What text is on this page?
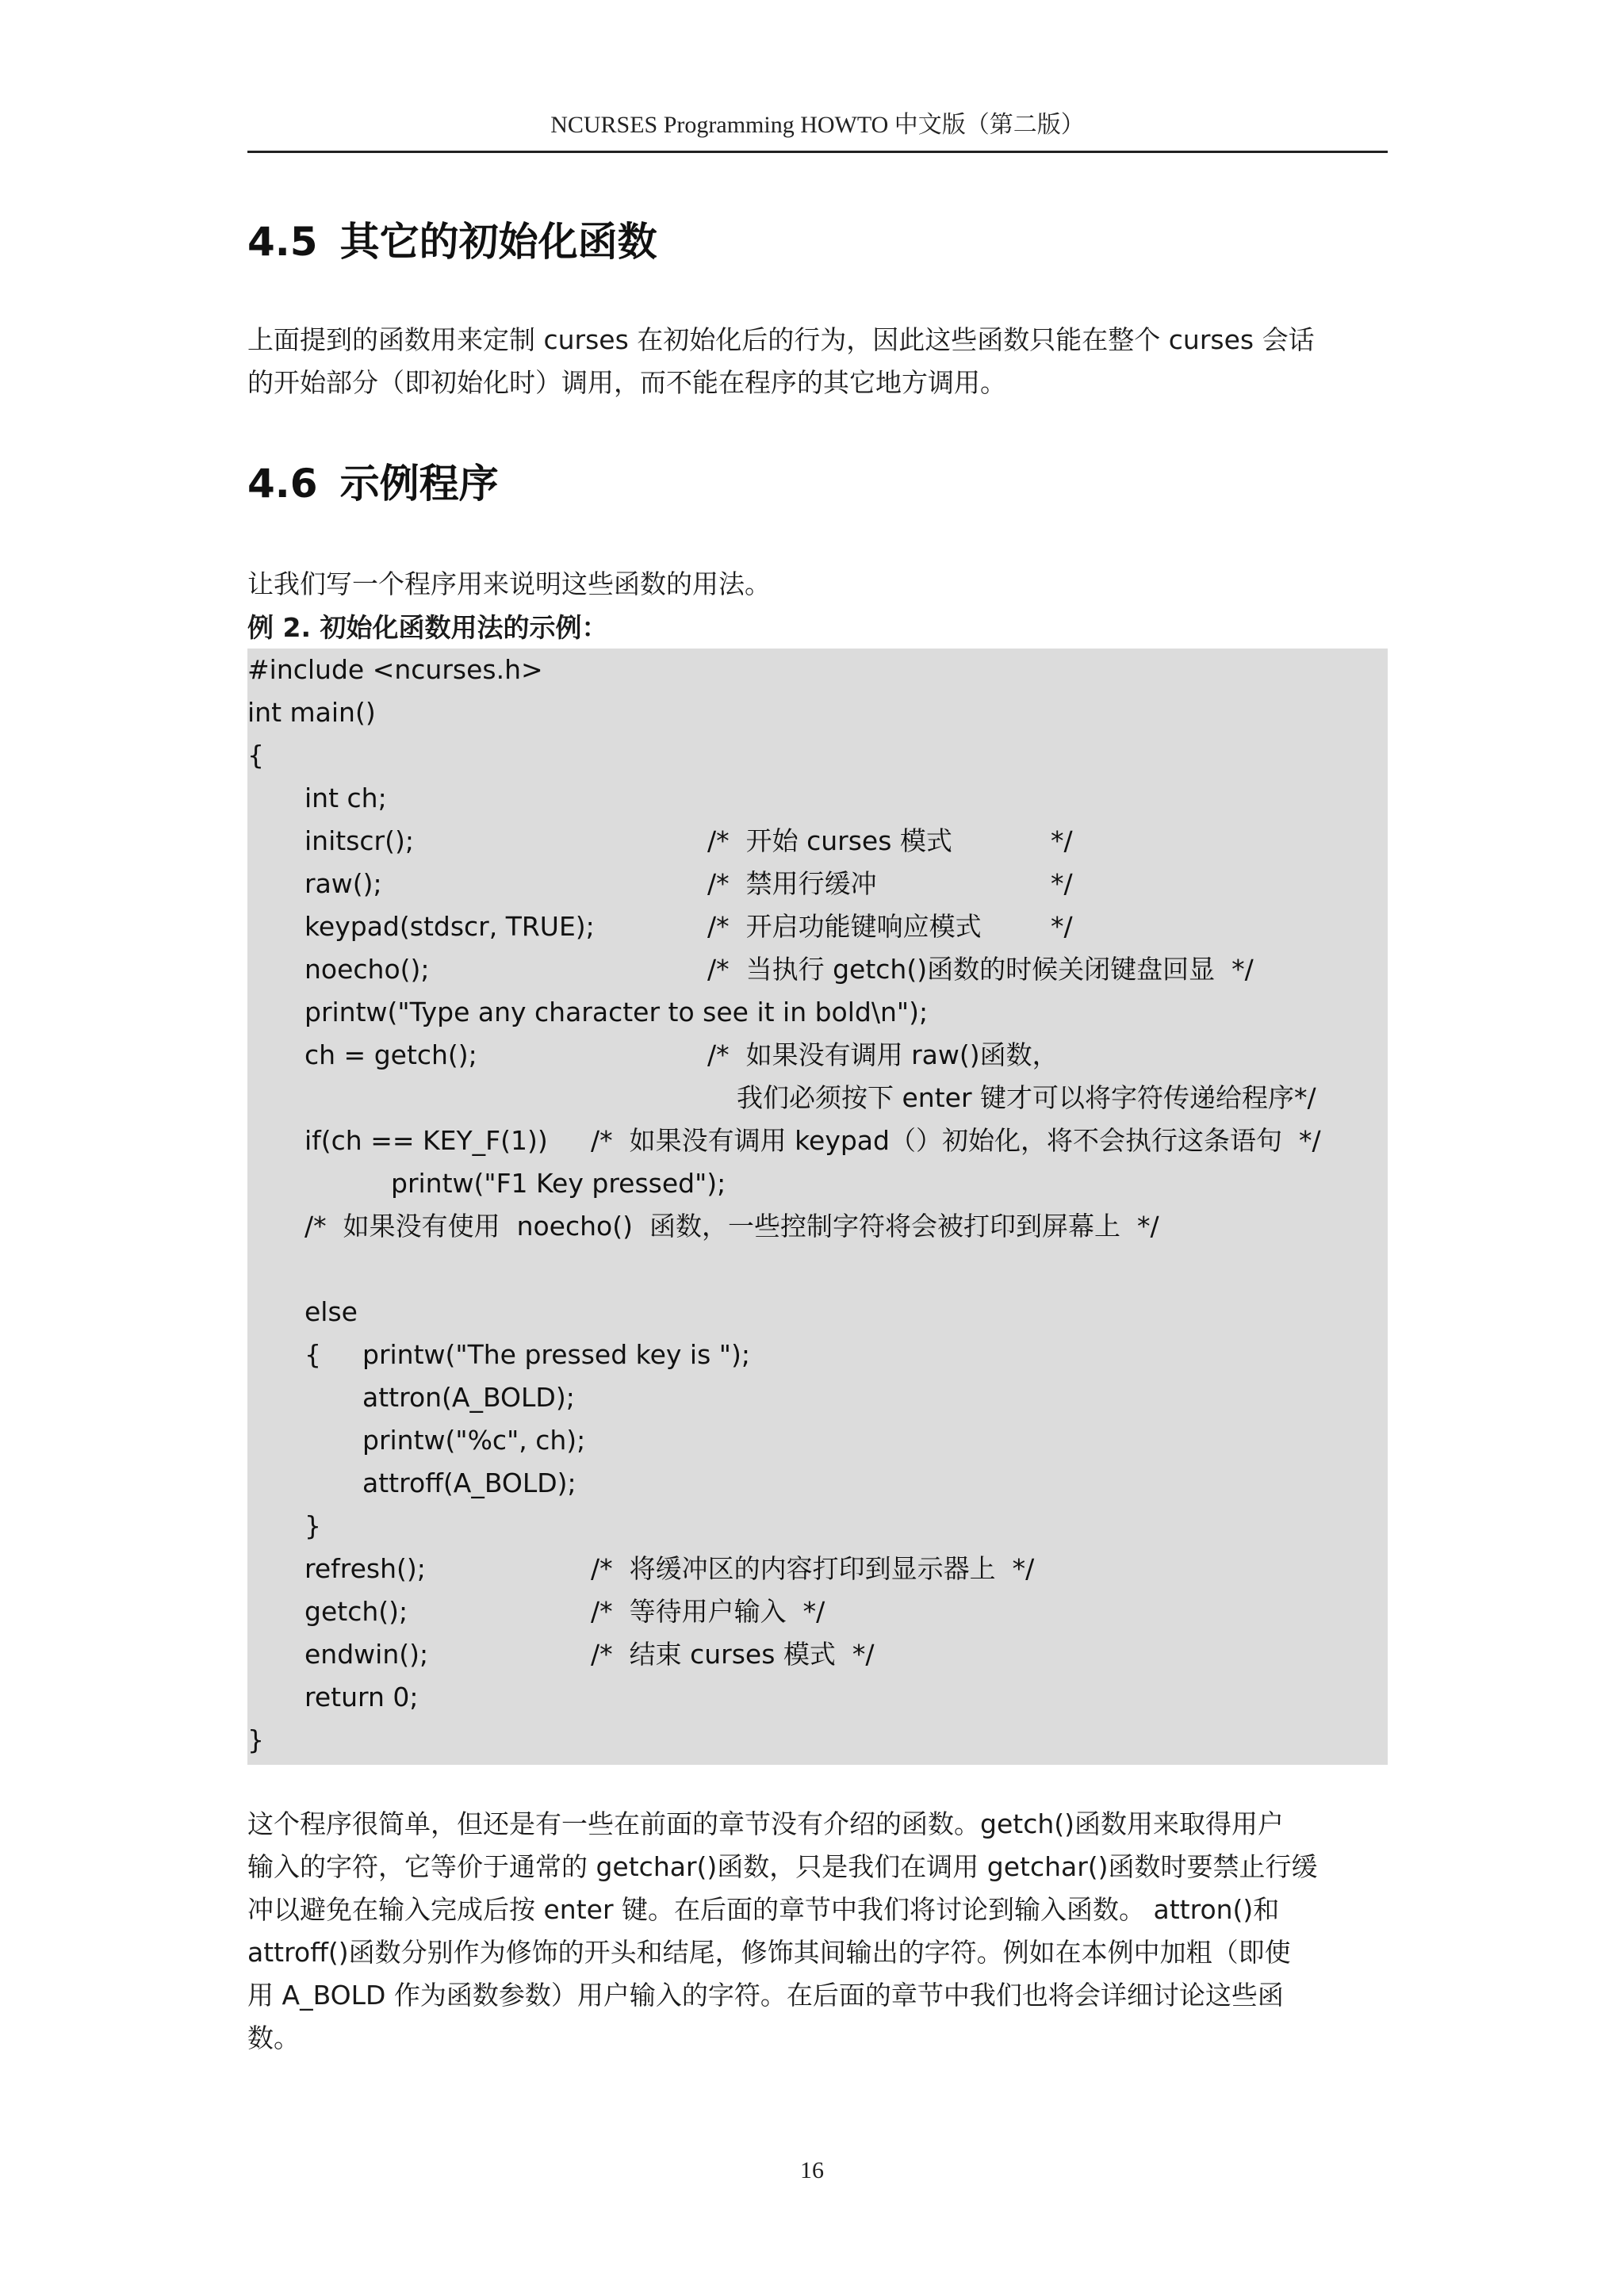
NCURSES Programming HOWTO 中文版（第二版）
4.5 其它的初始化函数

上面提到的函数用来定制 curses 在初始化后的行为，因此这些函数只能在整个 curses 会话
的开始部分（即初始化时）调用，而不能在程序的其它地方调用。

4.6 示例程序

让我们写一个程序用来说明这些函数的用法。

例 2. 初始化函数用法的示例：

#include <ncurses.h>
int main()
{
int ch;
initscr();	/*  开始 curses 模式	*/
raw();	/*  禁用行缓冲	*/
keypad(stdscr, TRUE);	/*  开启功能键响应模式	*/
noecho();	/*  当执行 getch()函数的时候关闭键盘回显  */
printw("Type any character to see it in bold\n");
ch = getch();	/*  如果没有调用 raw()函数，
我们必须按下 enter 键才可以将字符传递给程序*/
if(ch == KEY_F(1)) /*  如果没有调用 keypad（）初始化，将不会执行这条语句  */
printw("F1 Key pressed");
/*  如果没有使用  noecho()  函数，一些控制字符将会被打印到屏幕上  */
else
{ printw("The pressed key is ");
attron(A_BOLD);
printw("%c", ch);
attroff(A_BOLD);
}
refresh();	/*  将缓冲区的内容打印到显示器上  */
getch();	/*  等待用户输入  */
endwin();	/*  结束 curses 模式  */
return 0;
}

这个程序很简单，但还是有一些在前面的章节没有介绍的函数。getch()函数用来取得用户
输入的字符，它等价于通常的 getchar()函数，只是我们在调用 getchar()函数时要禁止行缓
冲以避免在输入完成后按 enter 键。在后面的章节中我们将讨论到输入函数。 attron()和
attroff()函数分别作为修饰的开头和结尾，修饰其间输出的字符。例如在本例中加粗（即使
用 A_BOLD 作为函数参数）用户输入的字符。在后面的章节中我们也将会详细讨论这些函
数。

16
